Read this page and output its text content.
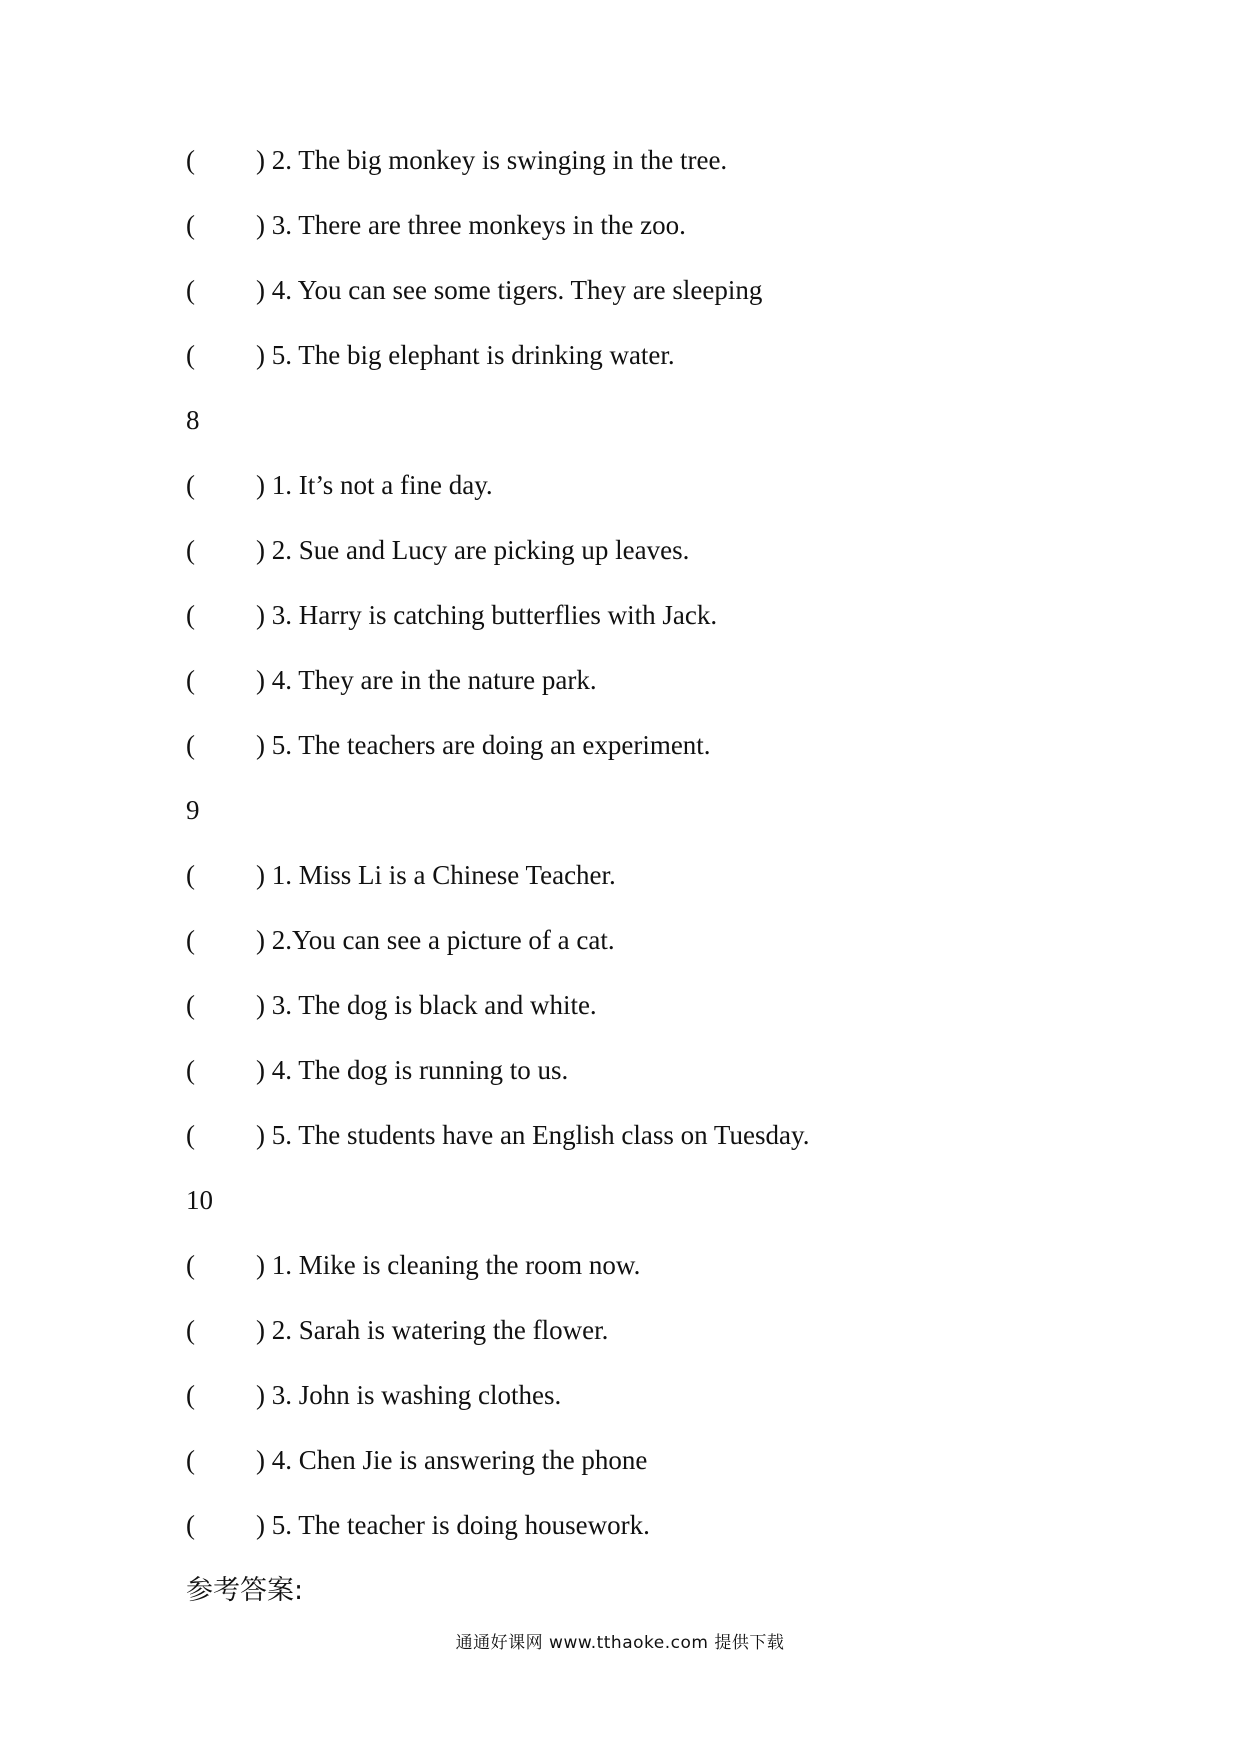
( ) 2. The big monkey is swinging in the tree.
( ) 3. There are three monkeys in the zoo.
( ) 4. You can see some tigers. They are sleeping
( ) 5. The big elephant is drinking water.
8
( ) 1. It’s not a fine day.
( ) 2. Sue and Lucy are picking up leaves.
( ) 3. Harry is catching butterflies with Jack.
( ) 4. They are in the nature park.
( ) 5. The teachers are doing an experiment.
9
( ) 1. Miss Li is a Chinese Teacher.
( ) 2.You can see a picture of a cat.
( ) 3. The dog is black and white.
( ) 4. The dog is running to us.
( ) 5. The students have an English class on Tuesday.
10
( ) 1. Mike is cleaning the room now.
( ) 2. Sarah is watering the flower.
( ) 3. John is washing clothes.
( ) 4. Chen Jie is answering the phone
( ) 5. The teacher is doing housework.
参考答案:
通通好课网 www.tthaoke.com 提供下载
